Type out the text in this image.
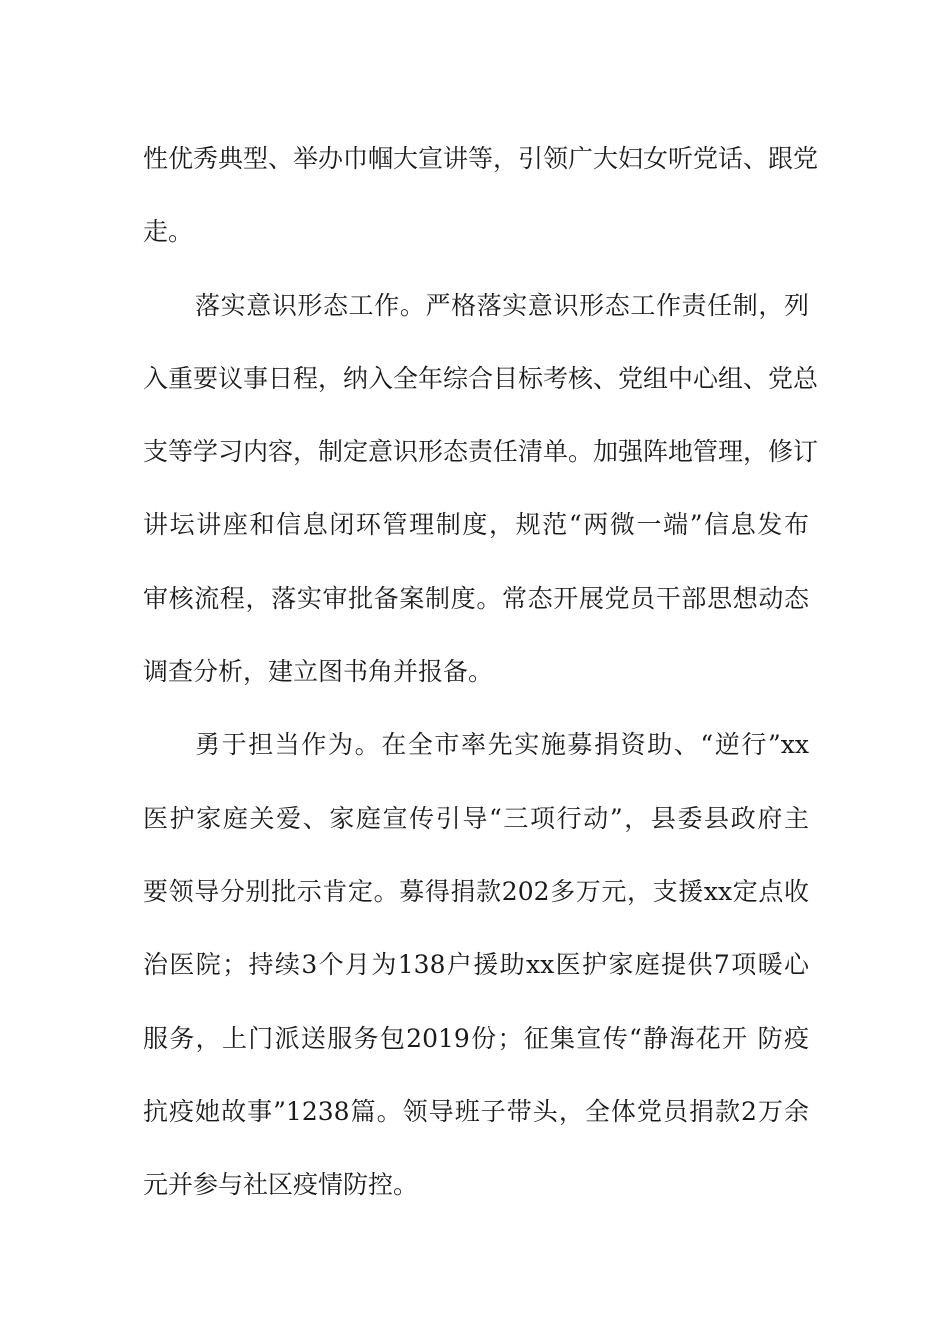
性优秀典型、举办巾帼大宣讲等，引领广大妇女听党话、跟党
走。
落实意识形态工作。严格落实意识形态工作责任制，列
入重要议事日程，纳入全年综合目标考核、党组中心组、党总
支等学习内容，制定意识形态责任清单。加强阵地管理，修订
讲坛讲座和信息闭环管理制度，规范“两微一端”信息发布
审核流程，落实审批备案制度。常态开展党员干部思想动态
调查分析，建立图书角并报备。
勇于担当作为。在全市率先实施募捐资助、“逆行”xx
医护家庭关爱、家庭宣传引导“三项行动”，县委县政府主
要领导分别批示肯定。募得捐款202多万元，支援xx定点收
治医院；持续3个月为138户援助xx医护家庭提供7项暖心
服务，上门派送服务包2019份；征集宣传“静海花开 防疫
抗疫她故事”1238篇。领导班子带头，全体党员捐款2万余
元并参与社区疫情防控。
